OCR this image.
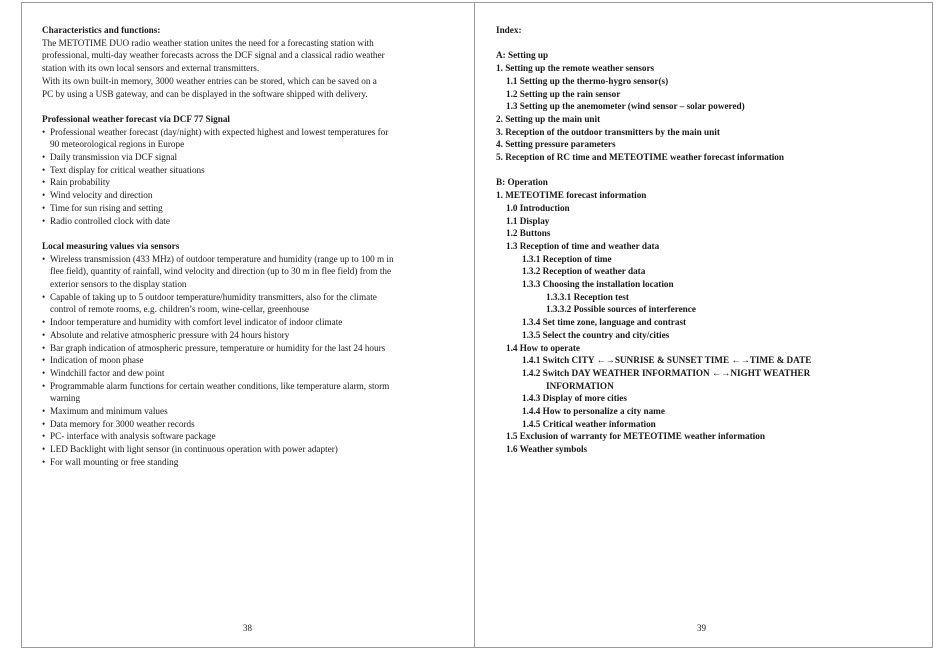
Characteristics and functions:
The METOTIME DUO radio weather station unites the need for a forecasting station with
professional, multi-day weather forecasts across the DCF signal and a classical radio weather
station with its own local sensors and external transmitters.
With its own built-in memory, 3000 weather entries can be stored, which can be saved on a
PC by using a USB gateway, and can be displayed in the software shipped with delivery.
Professional weather forecast via DCF 77 Signal
• Professional weather forecast (day/night) with expected highest and lowest temperatures for
90 meteorological regions in Europe
• Daily transmission via DCF signal
• Text display for critical weather situations
• Rain probability
• Wind velocity and direction
• Time for sun rising and setting
• Radio controlled clock with date
Local measuring values via sensors
• Wireless transmission (433 MHz) of outdoor temperature and humidity (range up to 100 m in
flee field), quantity of rainfall, wind velocity and direction (up to 30 m in flee field) from the
exterior sensors to the display station
• Capable of taking up to 5 outdoor temperature/humidity transmitters, also for the climate
control of remote rooms, e.g. children’s room, wine-cellar, greenhouse
• Indoor temperature and humidity with comfort level indicator of indoor climate
• Absolute and relative atmospheric pressure with 24 hours history
• Bar graph indication of atmospheric pressure, temperature or humidity for the last 24 hours
• Indication of moon phase
• Windchill factor and dew point
• Programmable alarm functions for certain weather conditions, like temperature alarm, storm
warning
• Maximum and minimum values
• Data memory for 3000 weather records
• PC- interface with analysis software package
• LED Backlight with light sensor (in continuous operation with power adapter)
• For wall mounting or free standing
38
Index:
A: Setting up
1. Setting up the remote weather sensors
1.1 Setting up the thermo-hygro sensor(s)
1.2 Setting up the rain sensor
1.3 Setting up the anemometer (wind sensor – solar powered)
2. Setting up the main unit
3. Reception of the outdoor transmitters by the main unit
4. Setting pressure parameters
5. Reception of RC time and METEOTIME weather forecast information
B: Operation
1. METEOTIME forecast information
1.0 Introduction
1.1 Display
1.2 Buttons
1.3 Reception of time and weather data
1.3.1 Reception of time
1.3.2 Reception of weather data
1.3.3 Choosing the installation location
1.3.3.1 Reception test
1.3.3.2 Possible sources of interference
1.3.4 Set time zone, language and contrast
1.3.5 Select the country and city/cities
1.4 How to operate
1.4.1 Switch CITY ←→SUNRISE & SUNSET TIME ←→TIME & DATE
1.4.2 Switch DAY WEATHER INFORMATION ←→NIGHT WEATHER
INFORMATION
1.4.3 Display of more cities
1.4.4 How to personalize a city name
1.4.5 Critical weather information
1.5 Exclusion of warranty for METEOTIME weather information
1.6 Weather symbols
39
